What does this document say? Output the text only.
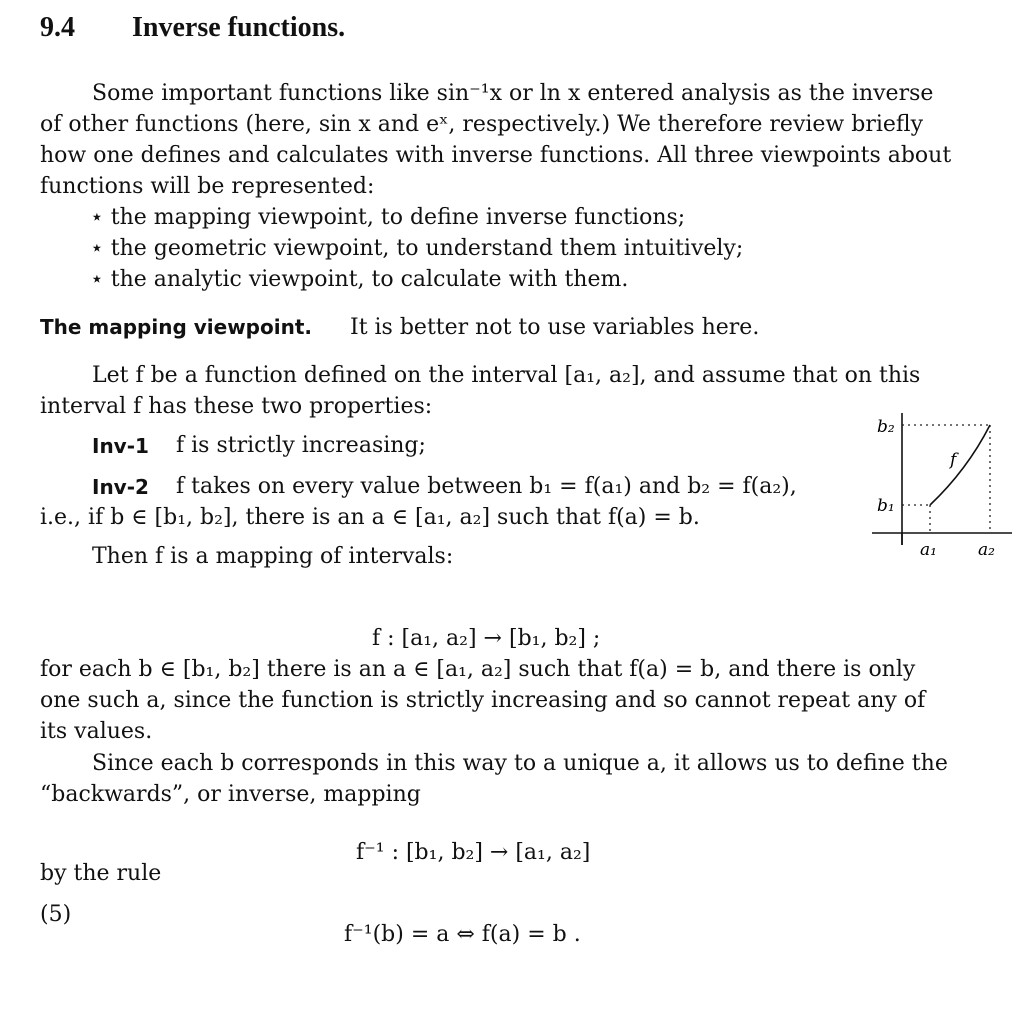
9.4 Inverse functions.

Some important functions like sin⁻¹x or ln x entered analysis as the inverse

of other functions (here, sin x and eˣ, respectively.) We therefore review briefly

how one defines and calculates with inverse functions. All three viewpoints about

functions will be represented:

⋆ the mapping viewpoint, to define inverse functions;

⋆ the geometric viewpoint, to understand them intuitively;

⋆ the analytic viewpoint, to calculate with them.

The mapping viewpoint. It is better not to use variables here.

Let f be a function defined on the interval [a₁, a₂], and assume that on this

interval f has these two properties:

Inv-1 f is strictly increasing;

Inv-2 f takes on every value between b₁ = f(a₁) and b₂ = f(a₂),

i.e., if b ∈ [b₁, b₂], there is an a ∈ [a₁, a₂] such that f(a) = b.

Then f is a mapping of intervals:

f : [a₁, a₂] → [b₁, b₂] ;

for each b ∈ [b₁, b₂] there is an a ∈ [a₁, a₂] such that f(a) = b, and there is only

one such a, since the function is strictly increasing and so cannot repeat any of

its values.

Since each b corresponds in this way to a unique a, it allows us to define the

“backwards”, or inverse, mapping

f⁻¹ : [b₁, b₂] → [a₁, a₂]

by the rule

(5)

f⁻¹(b) = a ⇔ f(a) = b .

b₂
b₁
f
a₁ a₂
